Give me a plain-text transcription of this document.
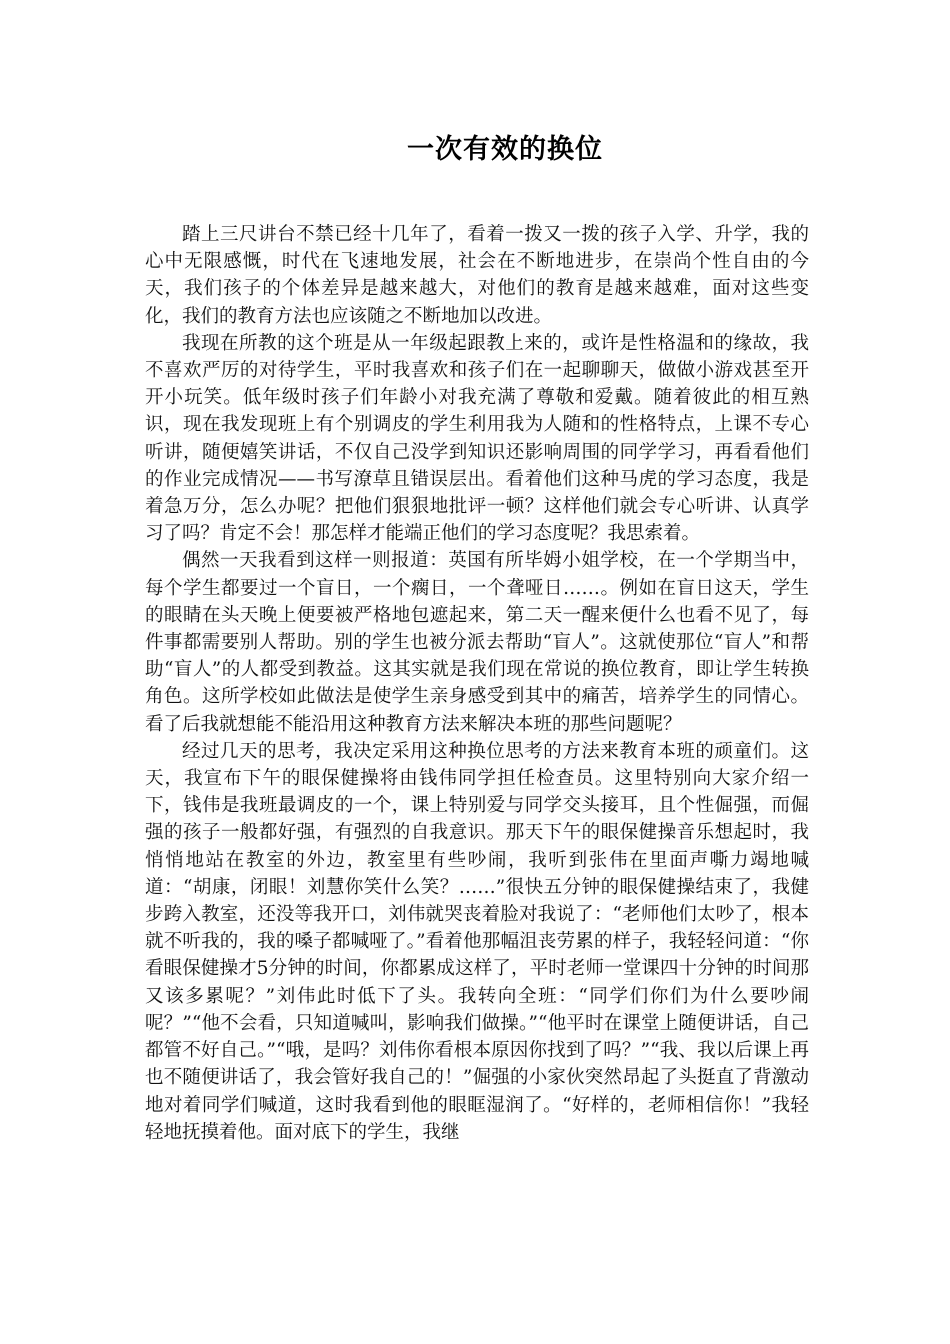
一次有效的换位

踏上三尺讲台不禁已经十几年了，看着一拨又一拨的孩子入学、升学，我的心中无限感慨，时代在飞速地发展，社会在不断地进步，在崇尚个性自由的今天，我们孩子的个体差异是越来越大，对他们的教育是越来越难，面对这些变化，我们的教育方法也应该随之不断地加以改进。

我现在所教的这个班是从一年级起跟教上来的，或许是性格温和的缘故，我不喜欢严厉的对待学生，平时我喜欢和孩子们在一起聊聊天，做做小游戏甚至开开小玩笑。低年级时孩子们年龄小对我充满了尊敬和爱戴。随着彼此的相互熟识，现在我发现班上有个别调皮的学生利用我为人随和的性格特点，上课不专心听讲，随便嬉笑讲话，不仅自己没学到知识还影响周围的同学学习，再看看他们的作业完成情况——书写潦草且错误层出。看着他们这种马虎的学习态度，我是着急万分，怎么办呢？把他们狠狠地批评一顿？这样他们就会专心听讲、认真学习了吗？肯定不会！那怎样才能端正他们的学习态度呢？我思索着。

偶然一天我看到这样一则报道：英国有所毕姆小姐学校，在一个学期当中，每个学生都要过一个盲日，一个瘸日，一个聋哑日……。例如在盲日这天，学生的眼睛在头天晚上便要被严格地包遮起来，第二天一醒来便什么也看不见了，每件事都需要别人帮助。别的学生也被分派去帮助“盲人”。这就使那位“盲人”和帮助“盲人”的人都受到教益。这其实就是我们现在常说的换位教育，即让学生转换角色。这所学校如此做法是使学生亲身感受到其中的痛苦，培养学生的同情心。看了后我就想能不能沿用这种教育方法来解决本班的那些问题呢？

经过几天的思考，我决定采用这种换位思考的方法来教育本班的顽童们。这天，我宣布下午的眼保健操将由钱伟同学担任检查员。这里特别向大家介绍一下，钱伟是我班最调皮的一个，课上特别爱与同学交头接耳，且个性倔强，而倔强的孩子一般都好强，有强烈的自我意识。那天下午的眼保健操音乐想起时，我悄悄地站在教室的外边，教室里有些吵闹，我听到张伟在里面声嘶力竭地喊道：“胡康，闭眼！刘慧你笑什么笑？……”很快五分钟的眼保健操结束了，我健步跨入教室，还没等我开口，刘伟就哭丧着脸对我说了：“老师他们太吵了，根本就不听我的，我的嗓子都喊哑了。”看着他那幅沮丧劳累的样子，我轻轻问道：“你看眼保健操才5分钟的时间，你都累成这样了，平时老师一堂课四十分钟的时间那又该多累呢？”刘伟此时低下了头。我转向全班：“同学们你们为什么要吵闹呢？”“他不会看，只知道喊叫，影响我们做操。”“他平时在课堂上随便讲话，自己都管不好自己。”“哦，是吗？刘伟你看根本原因你找到了吗？”“我、我以后课上再也不随便讲话了，我会管好我自己的！”倔强的小家伙突然昂起了头挺直了背激动地对着同学们喊道，这时我看到他的眼眶湿润了。“好样的，老师相信你！”我轻轻地抚摸着他。面对底下的学生，我继
